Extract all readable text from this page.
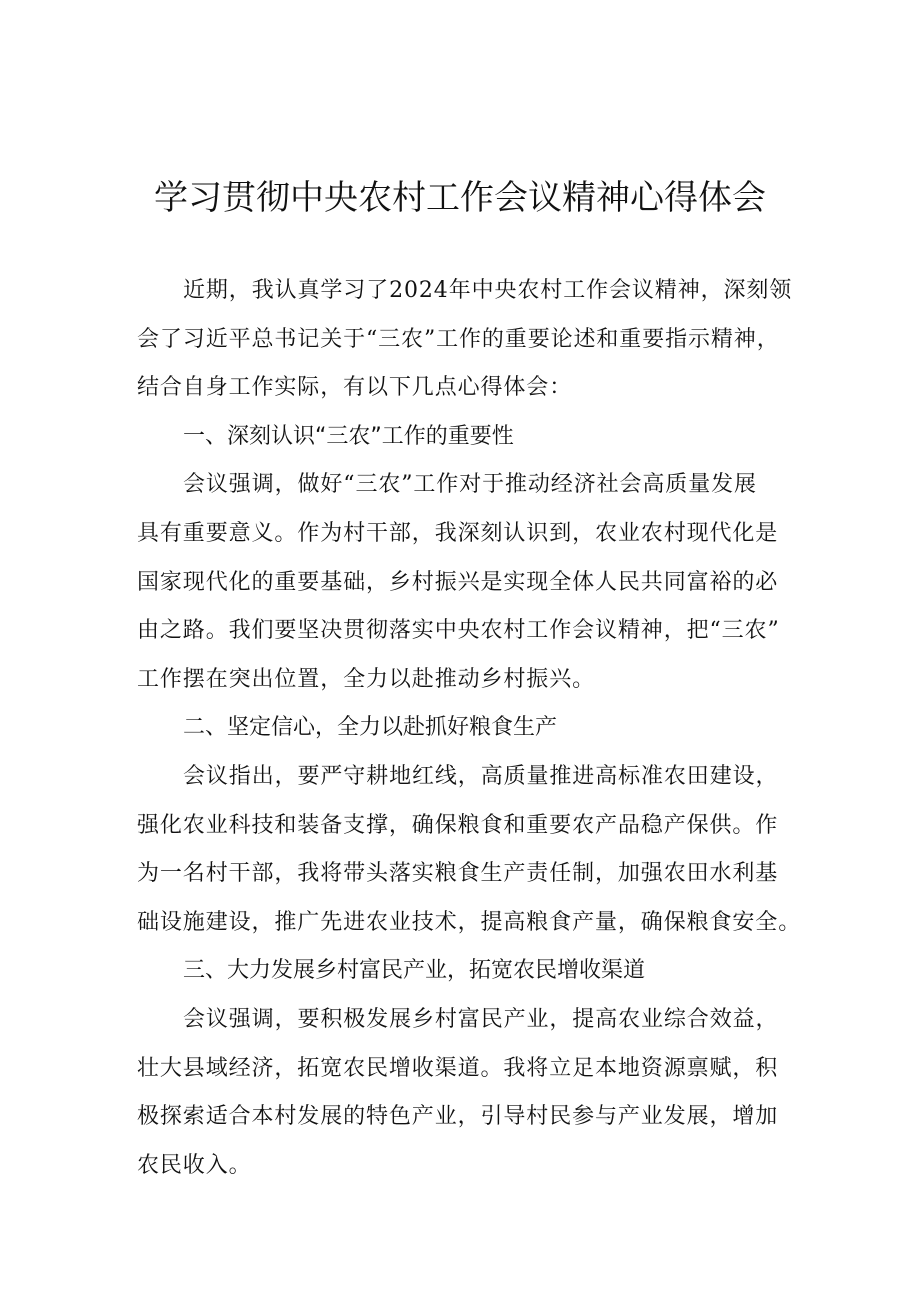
学习贯彻中央农村工作会议精神心得体会
近期，我认真学习了2024年中央农村工作会议精神，深刻领
会了习近平总书记关于“三农”工作的重要论述和重要指示精神，
结合自身工作实际，有以下几点心得体会：
一、深刻认识“三农”工作的重要性
会议强调，做好“三农”工作对于推动经济社会高质量发展
具有重要意义。作为村干部，我深刻认识到，农业农村现代化是
国家现代化的重要基础，乡村振兴是实现全体人民共同富裕的必
由之路。我们要坚决贯彻落实中央农村工作会议精神，把“三农”
工作摆在突出位置，全力以赴推动乡村振兴。
二、坚定信心，全力以赴抓好粮食生产
会议指出，要严守耕地红线，高质量推进高标准农田建设，
强化农业科技和装备支撑，确保粮食和重要农产品稳产保供。作
为一名村干部，我将带头落实粮食生产责任制，加强农田水利基
础设施建设，推广先进农业技术，提高粮食产量，确保粮食安全。
三、大力发展乡村富民产业，拓宽农民增收渠道
会议强调，要积极发展乡村富民产业，提高农业综合效益，
壮大县域经济，拓宽农民增收渠道。我将立足本地资源禀赋，积
极探索适合本村发展的特色产业，引导村民参与产业发展，增加
农民收入。
